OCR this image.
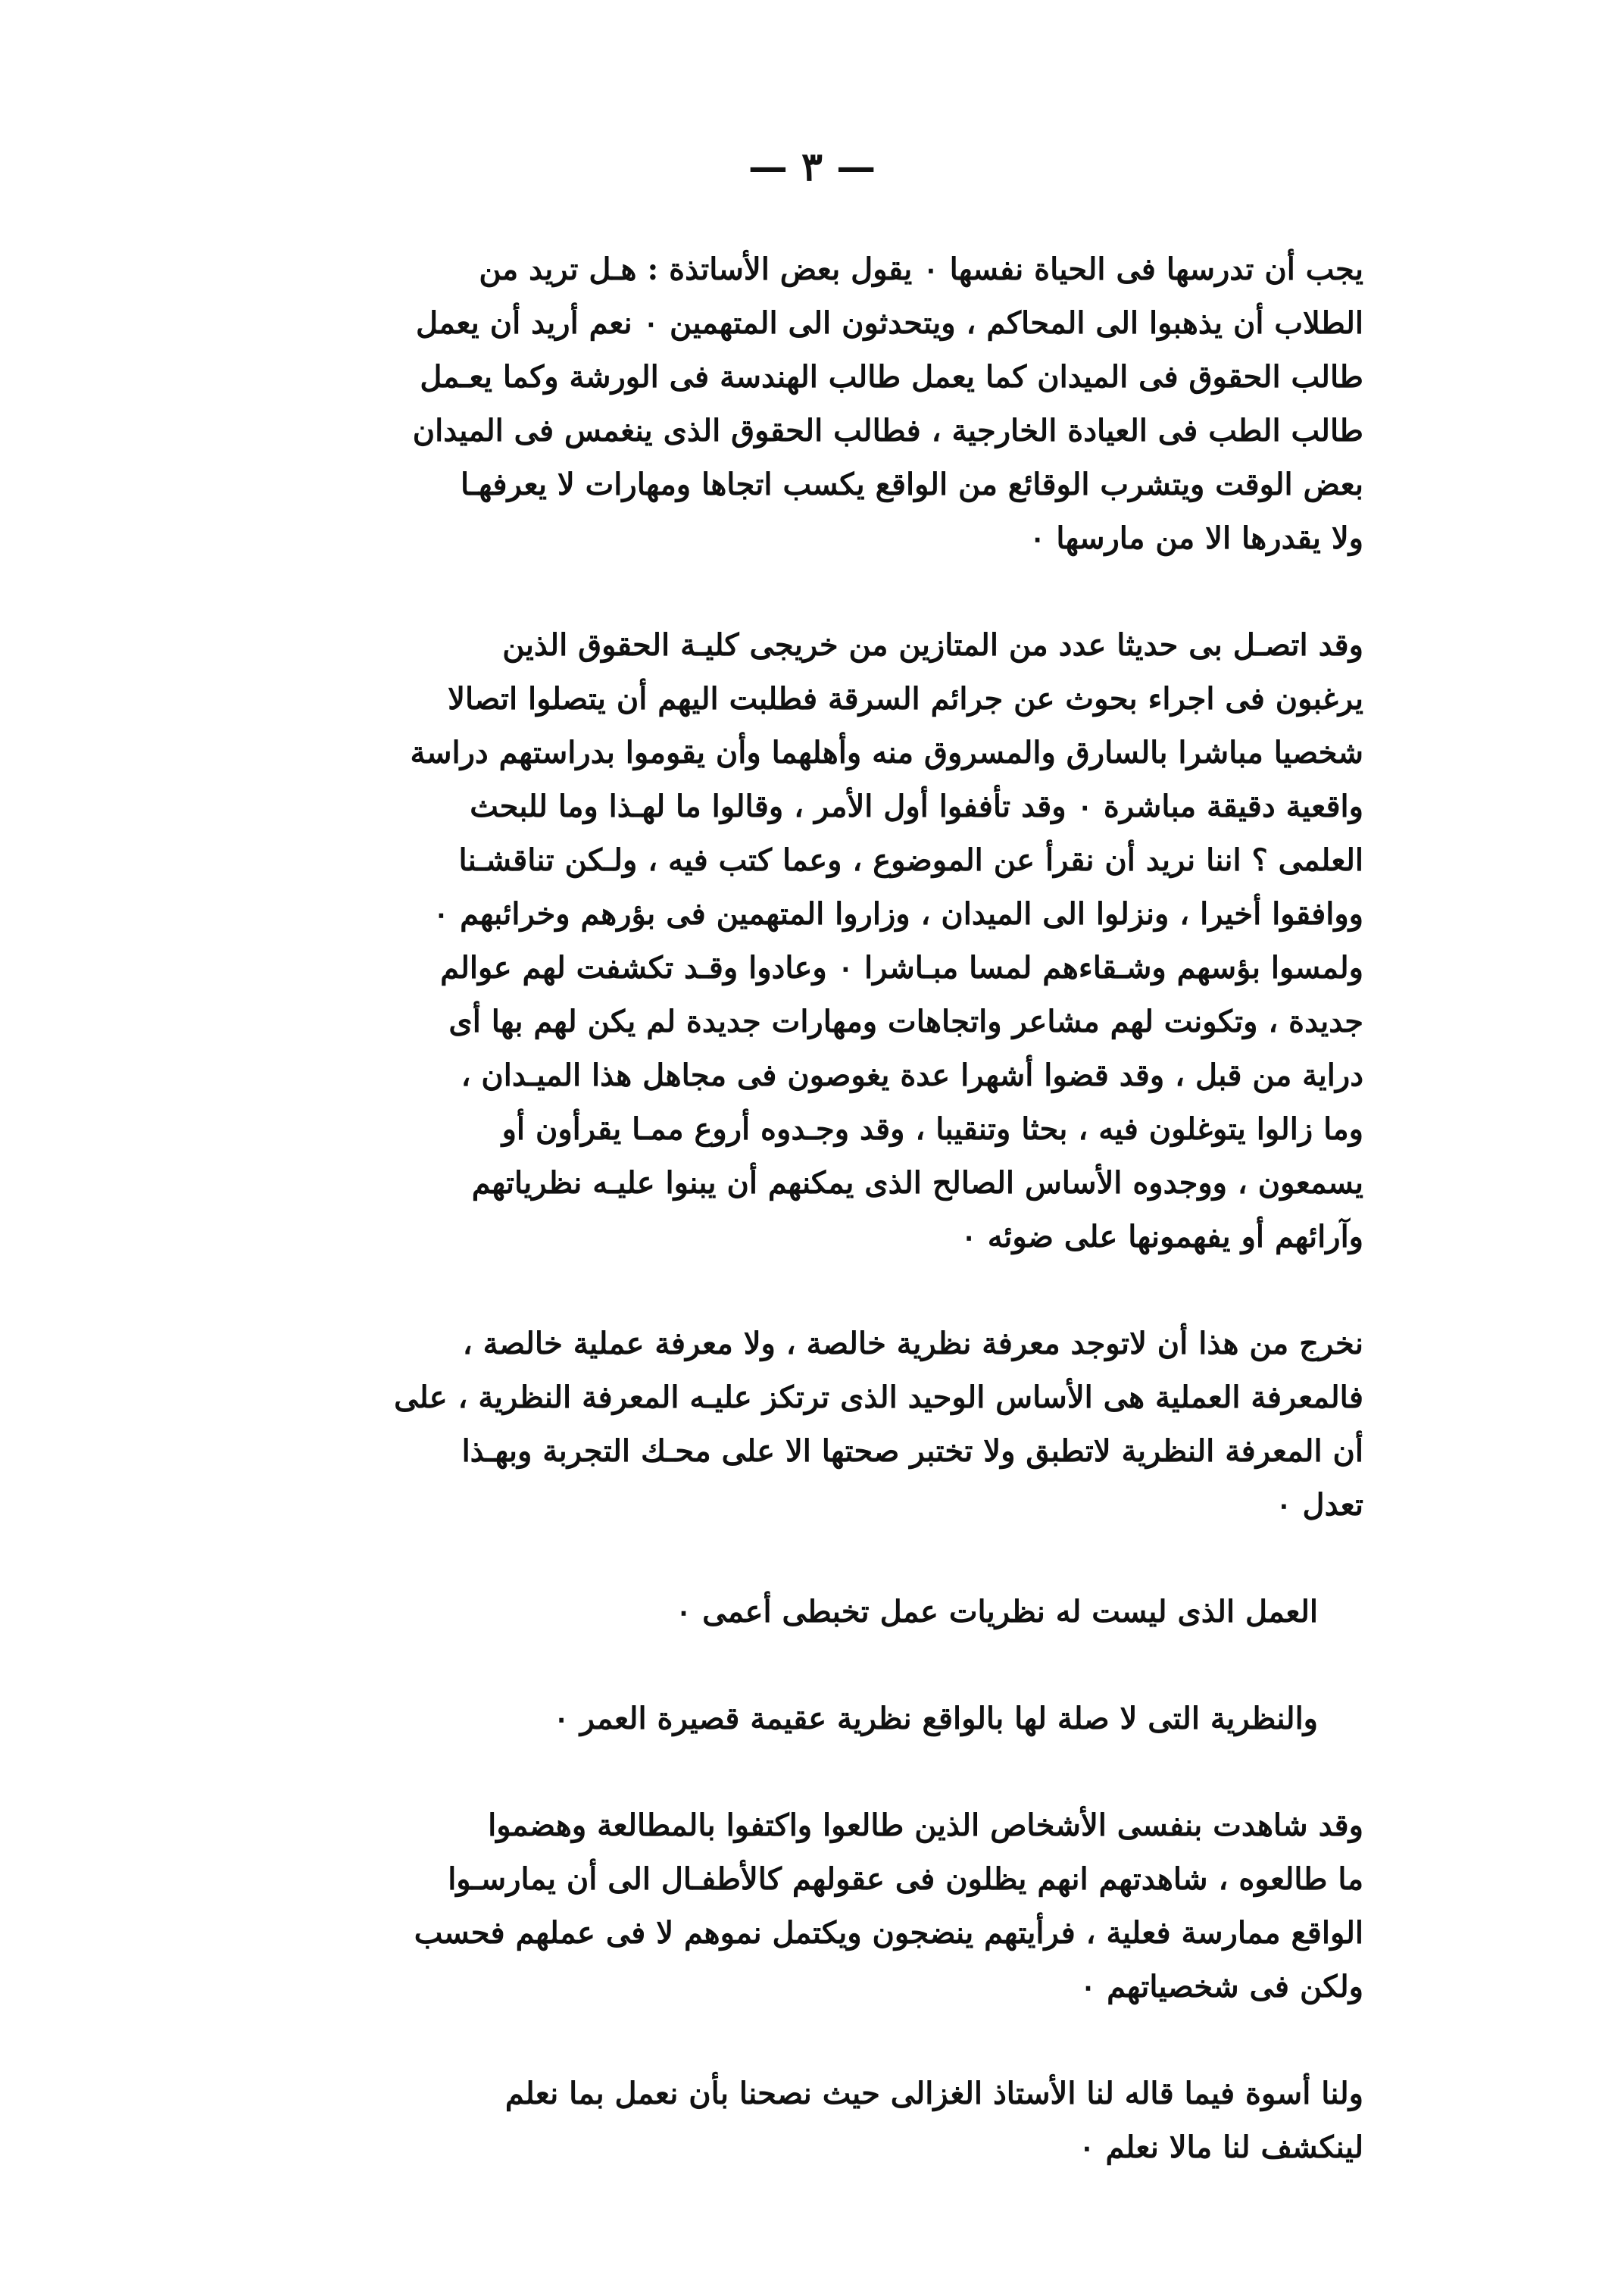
— ٣ —
يجب أن تدرسها فى الحياة نفسها ٠ يقول بعض الأساتذة : هـل تريد من
الطلاب أن يذهبوا الى المحاكم ، ويتحدثون الى المتهمين ٠ نعم أريد أن يعمل
طالب الحقوق فى الميدان كما يعمل طالب الهندسة فى الورشة وكما يعـمل
طالب الطب فى العيادة الخارجية ، فطالب الحقوق الذى ينغمس فى الميدان
بعض الوقت ويتشرب الوقائع من الواقع يكسب اتجاها ومهارات لا يعرفهـا
ولا يقدرها الا من مارسها ٠
وقد اتصـل بى حديثا عدد من المتازين من خريجى كليـة الحقوق الذين
يرغبون فى اجراء بحوث عن جرائم السرقة فطلبت اليهم أن يتصلوا اتصالا
شخصيا مباشرا بالسارق والمسروق منه وأهلهما وأن يقوموا بدراستهم دراسة
واقعية دقيقة مباشرة ٠ وقد تأففوا أول الأمر ، وقالوا ما لهـذا وما للبحث
العلمى ؟ اننا نريد أن نقرأ عن الموضوع ، وعما كتب فيه ، ولـكن تناقشـنا
ووافقوا أخيرا ، ونزلوا الى الميدان ، وزاروا المتهمين فى بؤرهم وخرائبهم ٠
ولمسوا بؤسهم وشـقاءهم لمسا مبـاشرا ٠ وعادوا وقـد تكشفت لهم عوالم
جديدة ، وتكونت لهم مشاعر واتجاهات ومهارات جديدة لم يكن لهم بها أى
دراية من قبل ، وقد قضوا أشهرا عدة يغوصون فى مجاهل هذا الميـدان ،
وما زالوا يتوغلون فيه ، بحثا وتنقيبا ، وقد وجـدوه أروع ممـا يقرأون أو
يسمعون ، ووجدوه الأساس الصالح الذى يمكنهم أن يبنوا عليـه نظرياتهم
وآرائهم أو يفهمونها على ضوئه ٠
نخرج من هذا أن لاتوجد معرفة نظرية خالصة ، ولا معرفة عملية خالصة ،
فالمعرفة العملية هى الأساس الوحيد الذى ترتكز عليـه المعرفة النظرية ، على
أن المعرفة النظرية لاتطبق ولا تختبر صحتها الا على محـك التجربة وبهـذا
تعدل ٠
العمل الذى ليست له نظريات عمل تخبطى أعمى ٠
والنظرية التى لا صلة لها بالواقع نظرية عقيمة قصيرة العمر ٠
وقد شاهدت بنفسى الأشخاص الذين طالعوا واكتفوا بالمطالعة وهضموا
ما طالعوه ، شاهدتهم انهم يظلون فى عقولهم كالأطفـال الى أن يمارسـوا
الواقع ممارسة فعلية ، فرأيتهم ينضجون ويكتمل نموهم لا فى عملهم فحسب
ولكن فى شخصياتهم ٠
ولنا أسوة فيما قاله لنا الأستاذ الغزالى حيث نصحنا بأن نعمل بما نعلم
لينكشف لنا مالا نعلم ٠
